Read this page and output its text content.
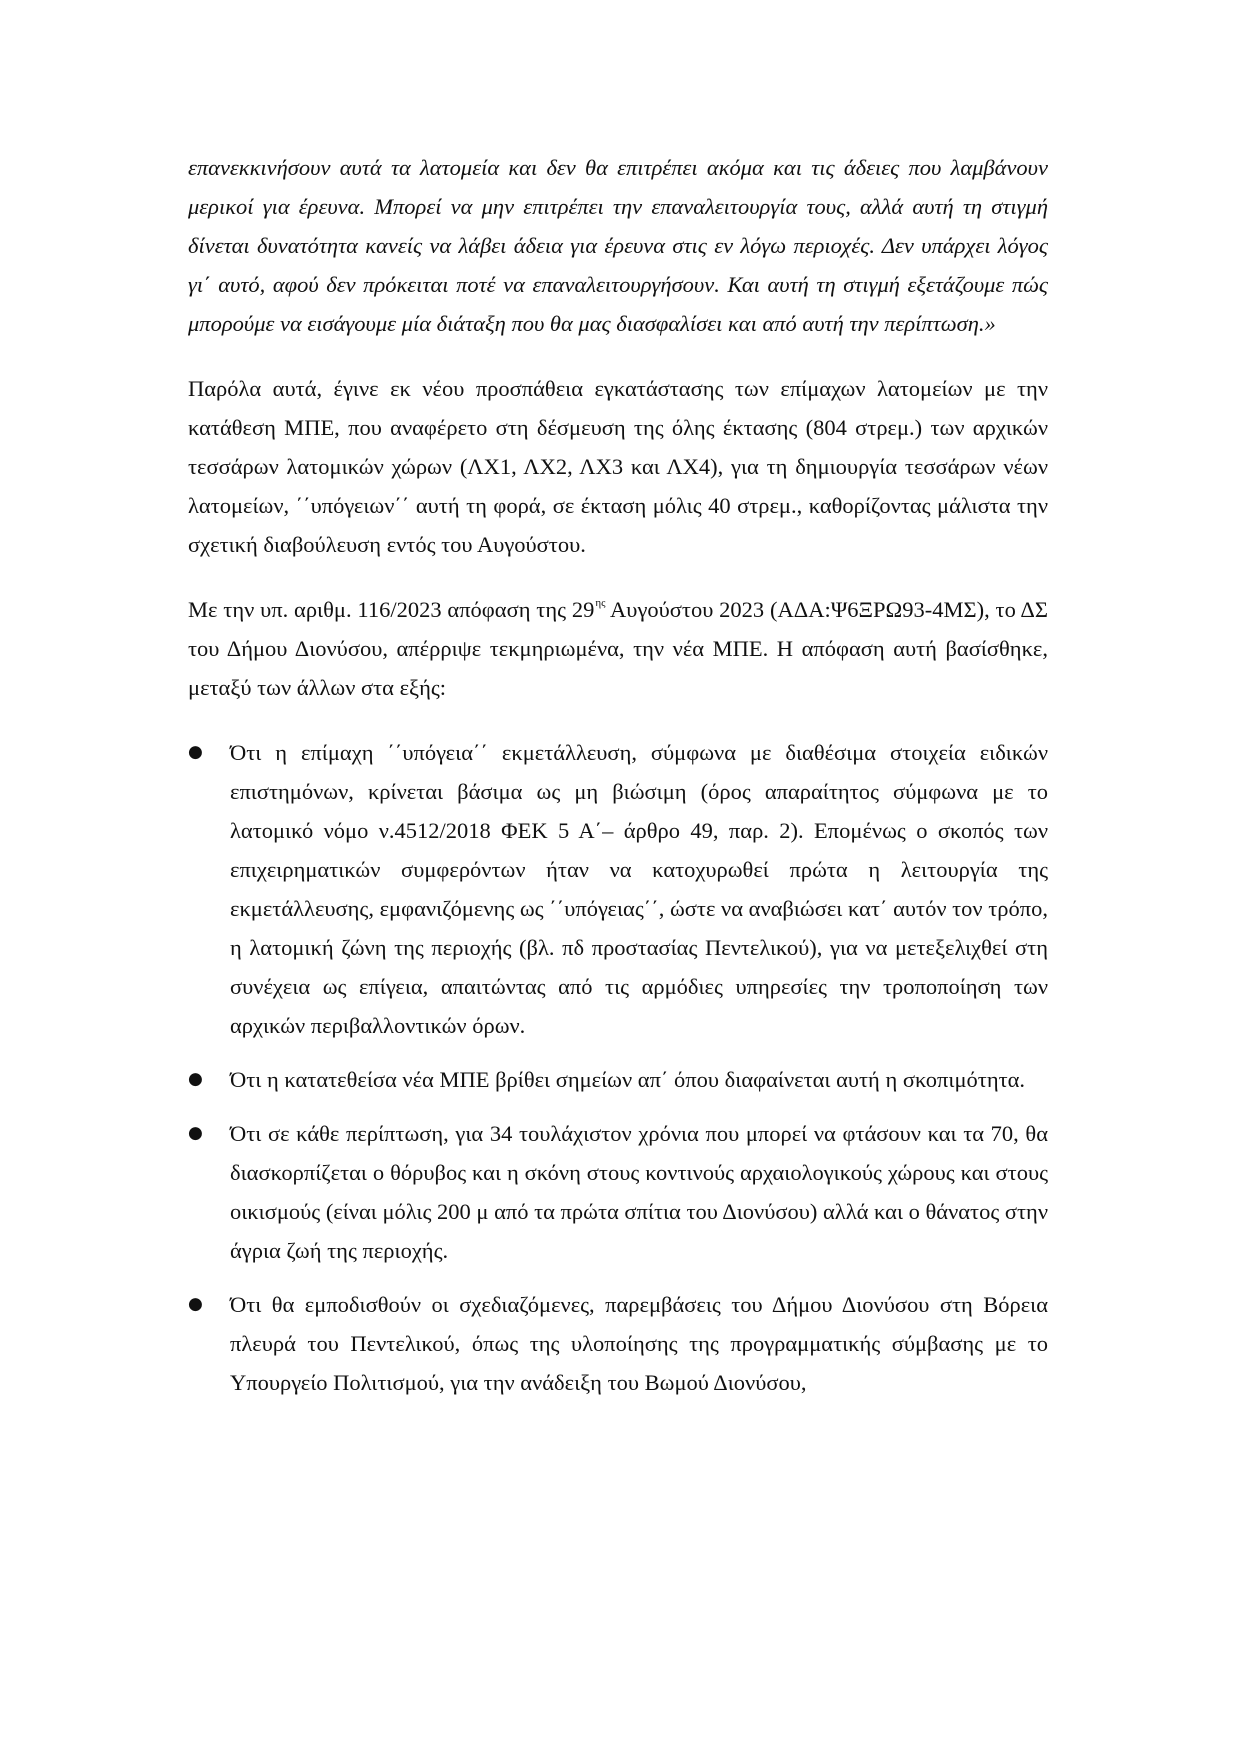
επανεκκινήσουν αυτά τα λατομεία και δεν θα επιτρέπει ακόμα και τις άδειες που λαμβάνουν μερικοί για έρευνα. Μπορεί να μην επιτρέπει την επαναλειτουργία τους, αλλά αυτή τη στιγμή δίνεται δυνατότητα κανείς να λάβει άδεια για έρευνα στις εν λόγω περιοχές. Δεν υπάρχει λόγος γι΄ αυτό, αφού δεν πρόκειται ποτέ να επαναλειτουργήσουν. Και αυτή τη στιγμή εξετάζουμε πώς μπορούμε να εισάγουμε μία διάταξη που θα μας διασφαλίσει και από αυτή την περίπτωση.»

Παρόλα αυτά, έγινε εκ νέου προσπάθεια εγκατάστασης των επίμαχων λατομείων με την κατάθεση ΜΠΕ, που αναφέρετο στη δέσμευση της όλης έκτασης (804 στρεμ.) των αρχικών τεσσάρων λατομικών χώρων (ΛΧ1, ΛΧ2, ΛΧ3 και ΛΧ4), για τη δημιουργία τεσσάρων νέων λατομείων, ΄΄υπόγειων΄΄ αυτή τη φορά, σε έκταση μόλις 40 στρεμ., καθορίζοντας μάλιστα την σχετική διαβούλευση εντός του Αυγούστου.

Με την υπ. αριθμ. 116/2023 απόφαση της $29^{\eta\varsigma}$ Αυγούστου 2023 (ΑΔΑ:Ψ6ΞΡΩ93-4ΜΣ), το ΔΣ του Δήμου Διονύσου, απέρριψε τεκμηριωμένα, την νέα ΜΠΕ. Η απόφαση αυτή βασίσθηκε, μεταξύ των άλλων στα εξής:

● Ότι η επίμαχη ΄΄υπόγεια΄΄ εκμετάλλευση, σύμφωνα με διαθέσιμα στοιχεία ειδικών επιστημόνων, κρίνεται βάσιμα ως μη βιώσιμη (όρος απαραίτητος σύμφωνα με το λατομικό νόμο ν.4512/2018 ΦΕΚ 5 Α΄– άρθρο 49, παρ. 2). Επομένως ο σκοπός των επιχειρηματικών συμφερόντων ήταν να κατοχυρωθεί πρώτα η λειτουργία της εκμετάλλευσης, εμφανιζόμενης ως ΄΄υπόγειας΄΄, ώστε να αναβιώσει κατ΄ αυτόν τον τρόπο, η λατομική ζώνη της περιοχής (βλ. πδ προστασίας Πεντελικού), για να μετεξελιχθεί στη συνέχεια ως επίγεια, απαιτώντας από τις αρμόδιες υπηρεσίες την τροποποίηση των αρχικών περιβαλλοντικών όρων.
● Ότι η κατατεθείσα νέα ΜΠΕ βρίθει σημείων απ΄ όπου διαφαίνεται αυτή η σκοπιμότητα.
● Ότι σε κάθε περίπτωση, για 34 τουλάχιστον χρόνια που μπορεί να φτάσουν και τα 70, θα διασκορπίζεται ο θόρυβος και η σκόνη στους κοντινούς αρχαιολογικούς χώρους και στους οικισμούς (είναι μόλις 200 μ από τα πρώτα σπίτια του Διονύσου) αλλά και ο θάνατος στην άγρια ζωή της περιοχής.
● Ότι θα εμποδισθούν οι σχεδιαζόμενες, παρεμβάσεις του Δήμου Διονύσου στη Βόρεια πλευρά του Πεντελικού, όπως της υλοποίησης της προγραμματικής σύμβασης με το Υπουργείο Πολιτισμού, για την ανάδειξη του Βωμού Διονύσου,
